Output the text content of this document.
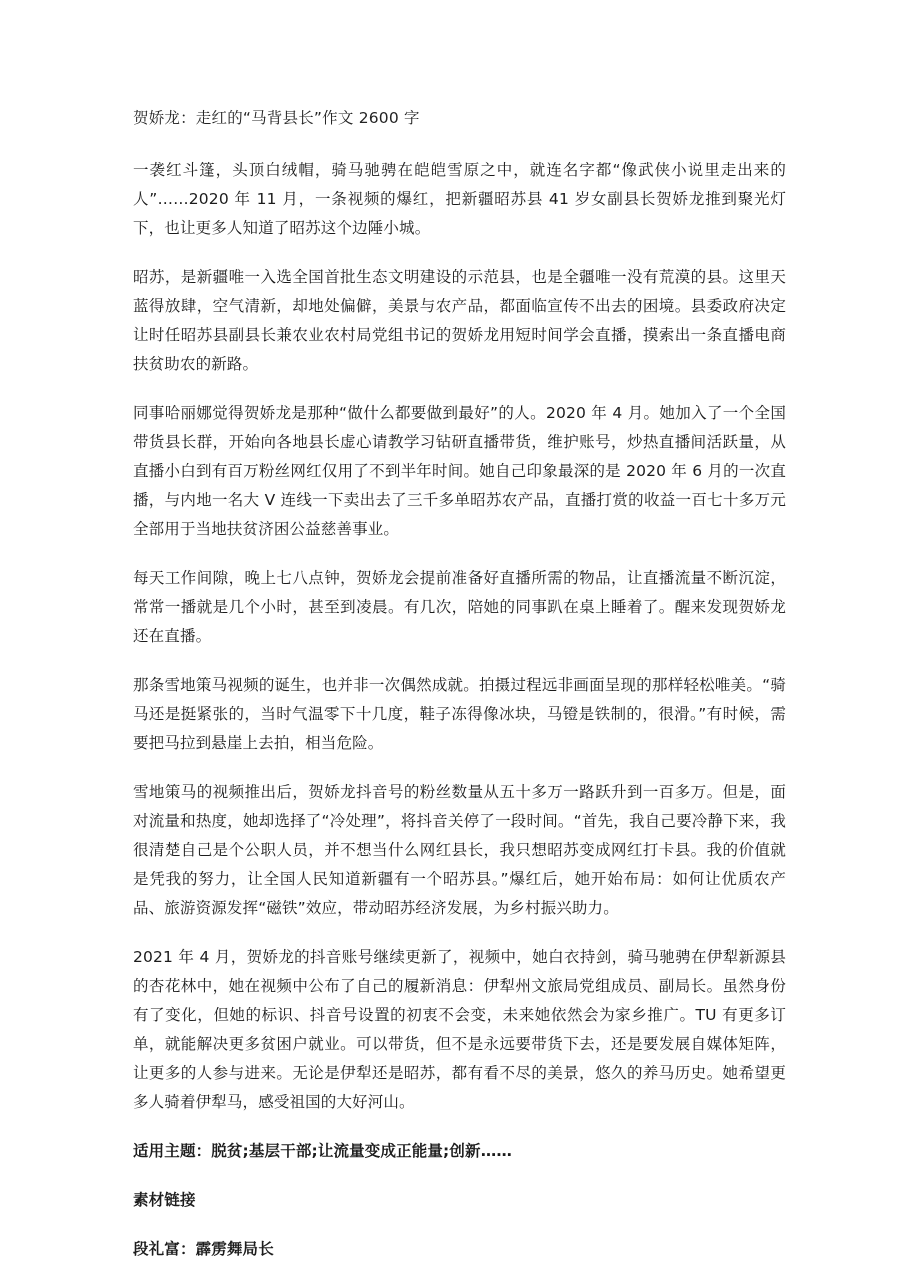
贺娇龙：走红的“马背县长”作文 2600 字

一袭红斗篷，头顶白绒帽，骑马驰骋在皑皑雪原之中，就连名字都“像武侠小说里走出来的人”……2020 年 11 月，一条视频的爆红，把新疆昭苏县 41 岁女副县长贺娇龙推到聚光灯下，也让更多人知道了昭苏这个边陲小城。

昭苏，是新疆唯一入选全国首批生态文明建设的示范县，也是全疆唯一没有荒漠的县。这里天蓝得放肆，空气清新，却地处偏僻，美景与农产品，都面临宣传不出去的困境。县委政府决定让时任昭苏县副县长兼农业农村局党组书记的贺娇龙用短时间学会直播，摸索出一条直播电商扶贫助农的新路。

同事哈丽娜觉得贺娇龙是那种“做什么都要做到最好”的人。2020 年 4 月。她加入了一个全国带货县长群，开始向各地县长虚心请教学习钻研直播带货，维护账号，炒热直播间活跃量，从直播小白到有百万粉丝网红仅用了不到半年时间。她自己印象最深的是 2020 年 6 月的一次直播，与内地一名大 V 连线一下卖出去了三千多单昭苏农产品，直播打赏的收益一百七十多万元全部用于当地扶贫济困公益慈善事业。

每天工作间隙，晚上七八点钟，贺娇龙会提前准备好直播所需的物品，让直播流量不断沉淀，常常一播就是几个小时，甚至到凌晨。有几次，陪她的同事趴在桌上睡着了。醒来发现贺娇龙还在直播。

那条雪地策马视频的诞生，也并非一次偶然成就。拍摄过程远非画面呈现的那样轻松唯美。“骑马还是挺紧张的，当时气温零下十几度，鞋子冻得像冰块，马镫是铁制的，很滑。”有时候，需要把马拉到悬崖上去拍，相当危险。

雪地策马的视频推出后，贺娇龙抖音号的粉丝数量从五十多万一路跃升到一百多万。但是，面对流量和热度，她却选择了“冷处理”，将抖音关停了一段时间。“首先，我自己要冷静下来，我很清楚自己是个公职人员，并不想当什么网红县长，我只想昭苏变成网红打卡县。我的价值就是凭我的努力，让全国人民知道新疆有一个昭苏县。”爆红后，她开始布局：如何让优质农产品、旅游资源发挥“磁铁”效应，带动昭苏经济发展，为乡村振兴助力。

2021 年 4 月，贺娇龙的抖音账号继续更新了，视频中，她白衣持剑，骑马驰骋在伊犁新源县的杏花林中，她在视频中公布了自己的履新消息：伊犁州文旅局党组成员、副局长。虽然身份有了变化，但她的标识、抖音号设置的初衷不会变，未来她依然会为家乡推广。TU 有更多订单，就能解决更多贫困户就业。可以带货，但不是永远要带货下去，还是要发展自媒体矩阵，让更多的人参与进来。无论是伊犁还是昭苏，都有看不尽的美景，悠久的养马历史。她希望更多人骑着伊犁马，感受祖国的大好河山。

适用主题：脱贫;基层干部;让流量变成正能量;创新……

素材链接

段礼富：霹雳舞局长
